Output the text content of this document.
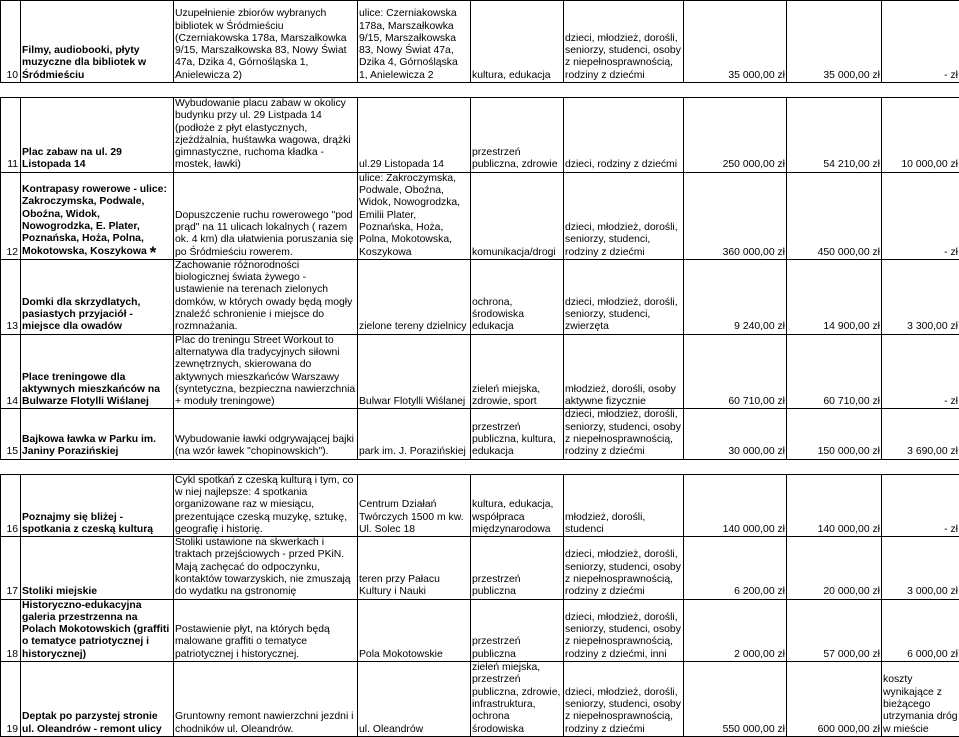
10	Filmy, audiobooki, płyty muzyczne dla bibliotek w Śródmieściu	Uzupełnienie zbiorów wybranych bibliotek w Śródmieściu (Czerniakowska 178a, Marszałkowka 9/15, Marszałkowska 83, Nowy Świat 47a, Dzika 4, Górnośląska 1, Anielewicza 2)	ulice: Czerniakowska 178a, Marszałkowka 9/15, Marszałkowska 83, Nowy Świat 47a, Dzika 4, Górnośląska 1, Anielewicza 2	kultura, edukacja	dzieci, młodzież, dorośli, seniorzy, studenci, osoby z niepełnosprawnością, rodziny z dziećmi	35 000,00 zł	35 000,00 zł	- zł

11	Plac zabaw na ul. 29 Listopada 14	Wybudowanie placu zabaw w okolicy budynku przy ul. 29 Listpada 14 (podłoże z płyt elastycznych, zjeżdżalnia, huśtawka wagowa, drążki gimnastyczne, ruchoma kładka - mostek, ławki)	ul.29 Listopada 14	przestrzeń publiczna, zdrowie	dzieci, rodziny z dziećmi	250 000,00 zł	54 210,00 zł	10 000,00 zł
12	Kontrapasy rowerowe - ulice: Zakroczymska, Podwale, Oboźna, Widok, Nowogrodzka, E. Plater, Poznańska, Hoża, Polna, Mokotowska, Koszykowa *	Dopuszczenie ruchu rowerowego "pod prąd" na 11 ulicach lokalnych ( razem ok. 4 km) dla ułatwienia poruszania się po Śródmieściu rowerem.	ulice: Zakroczymska, Podwale, Oboźna, Widok, Nowogrodzka, Emilii Plater, Poznańska, Hoża, Polna, Mokotowska, Koszykowa	komunikacja/drogi	dzieci, młodzież, dorośli, seniorzy, studenci, rodziny z dziećmi	360 000,00 zł	450 000,00 zł	- zł
13	Domki dla skrzydlatych, pasiastych przyjaciół - miejsce dla owadów	Zachowanie różnorodności biologicznej świata żywego - ustawienie na terenach zielonych domków, w których owady będą mogły znaleźć schronienie i miejsce do rozmnażania.	zielone tereny dzielnicy	ochrona, środowiska edukacja	dzieci, młodzież, dorośli, seniorzy, studenci, zwierzęta	9 240,00 zł	14 900,00 zł	3 300,00 zł
14	Place treningowe dla aktywnych mieszkańców na Bulwarze Flotylli Wiślanej	Plac do treningu Street Workout to alternatywa dla tradycyjnych siłowni zewnętrznych, skierowana do aktywnych mieszkańców Warszawy (syntetyczna, bezpieczna nawierzchnia + moduły treningowe)	Bulwar Flotylli Wiślanej	zieleń miejska, zdrowie, sport	młodzież, dorośli, osoby aktywne fizycznie	60 710,00 zł	60 710,00 zł	- zł
15	Bajkowa ławka w Parku im. Janiny Porazińskiej	Wybudowanie ławki odgrywającej bajki (na wzór ławek "chopinowskich").	park im. J. Porazińskiej	przestrzeń publiczna, kultura, edukacja	dzieci, młodzież, dorośli, seniorzy, studenci, osoby z niepełnosprawnością, rodziny z dziećmi	30 000,00 zł	150 000,00 zł	3 690,00 zł

16	Poznajmy się bliżej - spotkania z czeską kulturą	Cykl spotkań z czeską kulturą i tym, co w niej najlepsze: 4 spotkania organizowane raz w miesiącu, prezentujące czeską muzykę, sztukę, geografię i historię.	Centrum Działań Twórczych 1500 m kw. Ul. Solec 18	kultura, edukacja, współpraca międzynarodowa	młodzież, dorośli, studenci	140 000,00 zł	140 000,00 zł	- zł
17	Stoliki miejskie	Stoliki ustawione na skwerkach i traktach przejściowych - przed PKiN. Mają zachęcać do odpoczynku, kontaktów towarzyskich, nie zmuszają do wydatku na gstronomię	teren przy Pałacu Kultury i Nauki	przestrzeń publiczna	dzieci, młodzież, dorośli, seniorzy, studenci, osoby z niepełnosprawnością, rodziny z dziećmi	6 200,00 zł	20 000,00 zł	3 000,00 zł
18	Historyczno-edukacyjna galeria przestrzenna na Polach Mokotowskich (graffiti o tematyce patriotycznej i historycznej)	Postawienie płyt, na których będą malowane graffiti o tematyce patriotycznej i historycznej.	Pola Mokotowskie	przestrzeń publiczna	dzieci, młodzież, dorośli, seniorzy, studenci, osoby z niepełnosprawnością, rodziny z dziećmi, inni	2 000,00 zł	57 000,00 zł	6 000,00 zł
19	Deptak po parzystej stronie ul. Oleandrów - remont ulicy	Gruntowny remont nawierzchni jezdni i chodników ul. Oleandrów.	ul. Oleandrów	zieleń miejska, przestrzeń publiczna, zdrowie, infrastruktura, ochrona środowiska	dzieci, młodzież, dorośli, seniorzy, studenci, osoby z niepełnosprawnością, rodziny z dziećmi	550 000,00 zł	600 000,00 zł	koszty wynikające z bieżącego utrzymania dróg w mieście
